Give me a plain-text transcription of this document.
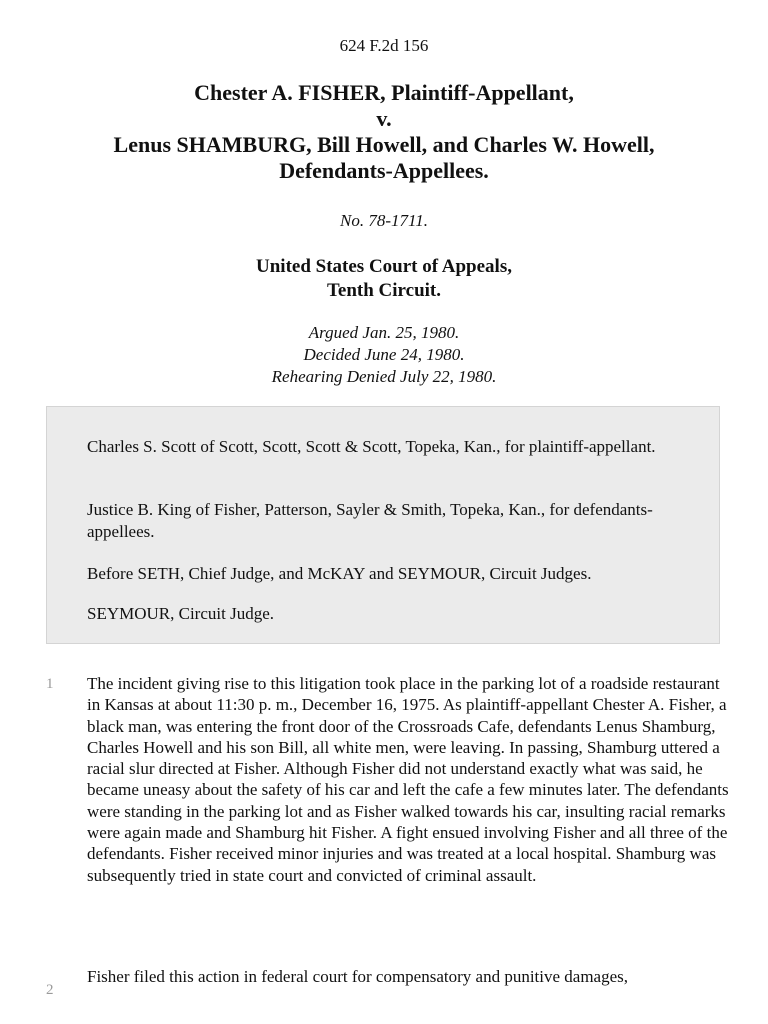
624 F.2d 156
Chester A. FISHER, Plaintiff-Appellant,
v.
Lenus SHAMBURG, Bill Howell, and Charles W. Howell,
Defendants-Appellees.
No. 78-1711.
United States Court of Appeals,
Tenth Circuit.
Argued Jan. 25, 1980.
Decided June 24, 1980.
Rehearing Denied July 22, 1980.

Charles S. Scott of Scott, Scott, Scott & Scott, Topeka, Kan., for plaintiff-appellant.

Justice B. King of Fisher, Patterson, Sayler & Smith, Topeka, Kan., for defendants-appellees.

Before SETH, Chief Judge, and McKAY and SEYMOUR, Circuit Judges.

SEYMOUR, Circuit Judge.

1 The incident giving rise to this litigation took place in the parking lot of a roadside restaurant in Kansas at about 11:30 p. m., December 16, 1975. As plaintiff-appellant Chester A. Fisher, a black man, was entering the front door of the Crossroads Cafe, defendants Lenus Shamburg, Charles Howell and his son Bill, all white men, were leaving. In passing, Shamburg uttered a racial slur directed at Fisher. Although Fisher did not understand exactly what was said, he became uneasy about the safety of his car and left the cafe a few minutes later. The defendants were standing in the parking lot and as Fisher walked towards his car, insulting racial remarks were again made and Shamburg hit Fisher. A fight ensued involving Fisher and all three of the defendants. Fisher received minor injuries and was treated at a local hospital. Shamburg was subsequently tried in state court and convicted of criminal assault.

2

Fisher filed this action in federal court for compensatory and punitive damages,
